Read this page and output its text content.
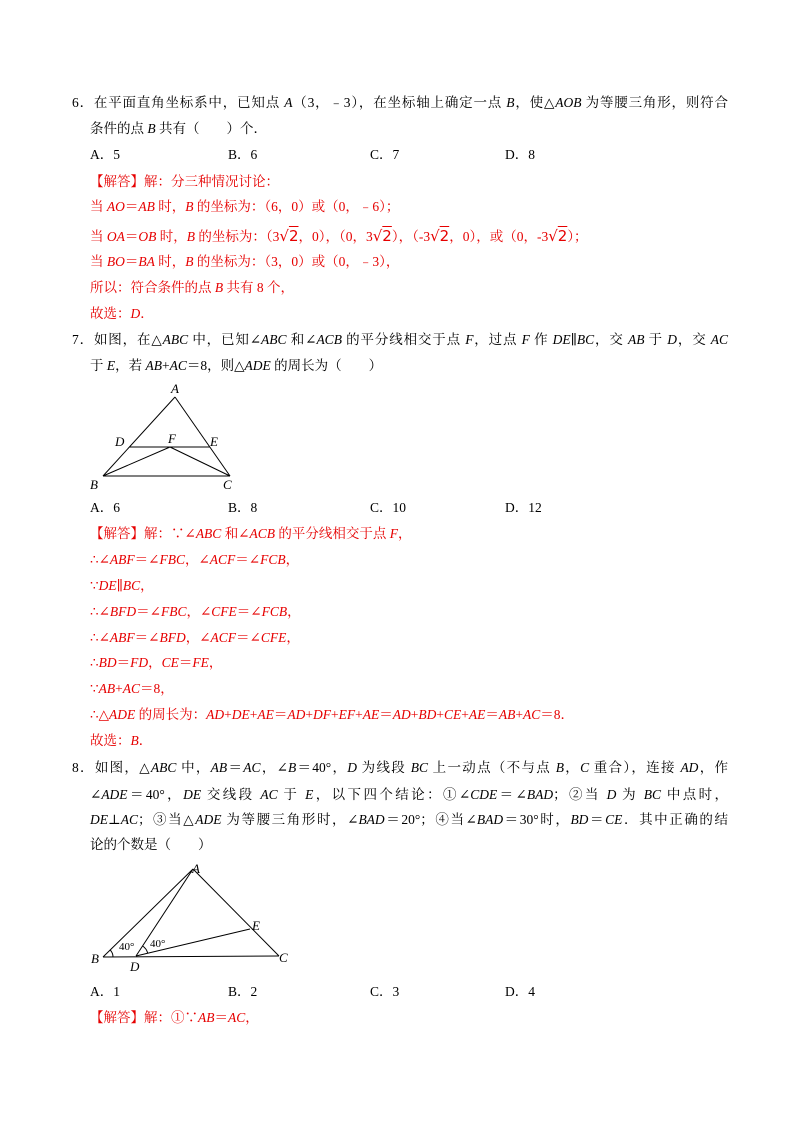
6．在平面直角坐标系中，已知点 A（3，﹣3），在坐标轴上确定一点 B，使△AOB 为等腰三角形，则符合
条件的点 B 共有（　　）个．
A．5	B．6	C．7	D．8
【解答】解：分三种情况讨论：
当 AO＝AB 时，B 的坐标为：（6，0）或（0，﹣6）；
当 OA＝OB 时，B 的坐标为：（3√2，0），（0，3√2），（-3√2，0），或（0，-3√2）；
当 BO＝BA 时，B 的坐标为：（3，0）或（0，﹣3），
所以：符合条件的点 B 共有 8 个，
故选：D．
7．如图，在△ABC 中，已知∠ABC 和∠ACB 的平分线相交于点 F，过点 F 作 DE∥BC，交 AB 于 D，交 AC
于 E，若 AB+AC＝8，则△ADE 的周长为（　　）
A
D	F	E
B	C
A．6	B．8	C．10	D．12
【解答】解：∵∠ABC 和∠ACB 的平分线相交于点 F，
∴∠ABF＝∠FBC，∠ACF＝∠FCB，
∵DE∥BC，
∴∠BFD＝∠FBC，∠CFE＝∠FCB，
∴∠ABF＝∠BFD，∠ACF＝∠CFE，
∴BD＝FD，CE＝FE，
∵AB+AC＝8，
∴△ADE 的周长为：AD+DE+AE＝AD+DF+EF+AE＝AD+BD+CE+AE＝AB+AC＝8．
故选：B．
8．如图，△ABC 中，AB＝AC，∠B＝40°，D 为线段 BC 上一动点（不与点 B，C 重合），连接 AD，作
∠ADE＝40°，DE 交线段 AC 于 E，以下四个结论：①∠CDE＝∠BAD；②当 D 为 BC 中点时，
DE⊥AC；③当△ADE 为等腰三角形时，∠BAD＝20°；④当∠BAD＝30°时，BD＝CE．其中正确的结
论的个数是（　　）
40° 40°
A
B
D
C
E
A．1	B．2	C．3	D．4
【解答】解：①∵AB＝AC，
